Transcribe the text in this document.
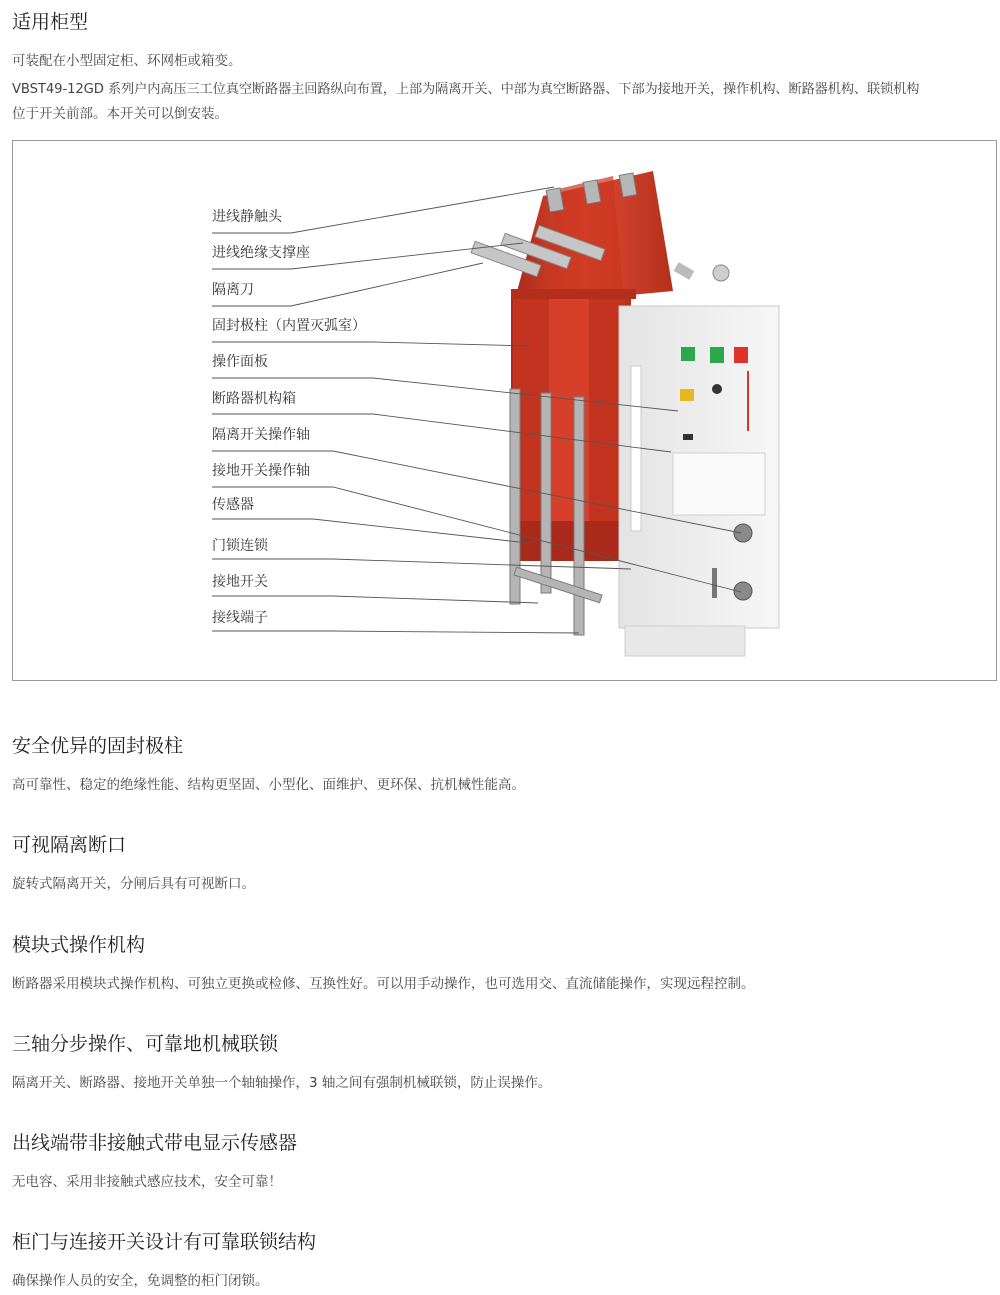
适用柜型

可装配在小型固定柜、环网柜或箱变。

VBST49-12GD 系列户内高压三工位真空断路器主回路纵向布置，上部为隔离开关、中部为真空断路器、下部为接地开关，操作机构、断路器机构、联锁机构

位于开关前部。本开关可以倒安装。

进线静触头
进线绝缘支撑座
隔离刀
固封极柱（内置灭弧室）
操作面板
断路器机构箱
隔离开关操作轴
接地开关操作轴
传感器
门锁连锁
接地开关
接线端子
安全优异的固封极柱

高可靠性、稳定的绝缘性能、结构更坚固、小型化、面维护、更环保、抗机械性能高。

可视隔离断口

旋转式隔离开关，分闸后具有可视断口。

模块式操作机构

断路器采用模块式操作机构、可独立更换或检修、互换性好。可以用手动操作，也可选用交、直流储能操作，实现远程控制。

三轴分步操作、可靠地机械联锁

隔离开关、断路器、接地开关单独一个轴轴操作，3 轴之间有强制机械联锁，防止误操作。

出线端带非接触式带电显示传感器

无电容、采用非接触式感应技术，安全可靠！

柜门与连接开关设计有可靠联锁结构

确保操作人员的安全，免调整的柜门闭锁。
